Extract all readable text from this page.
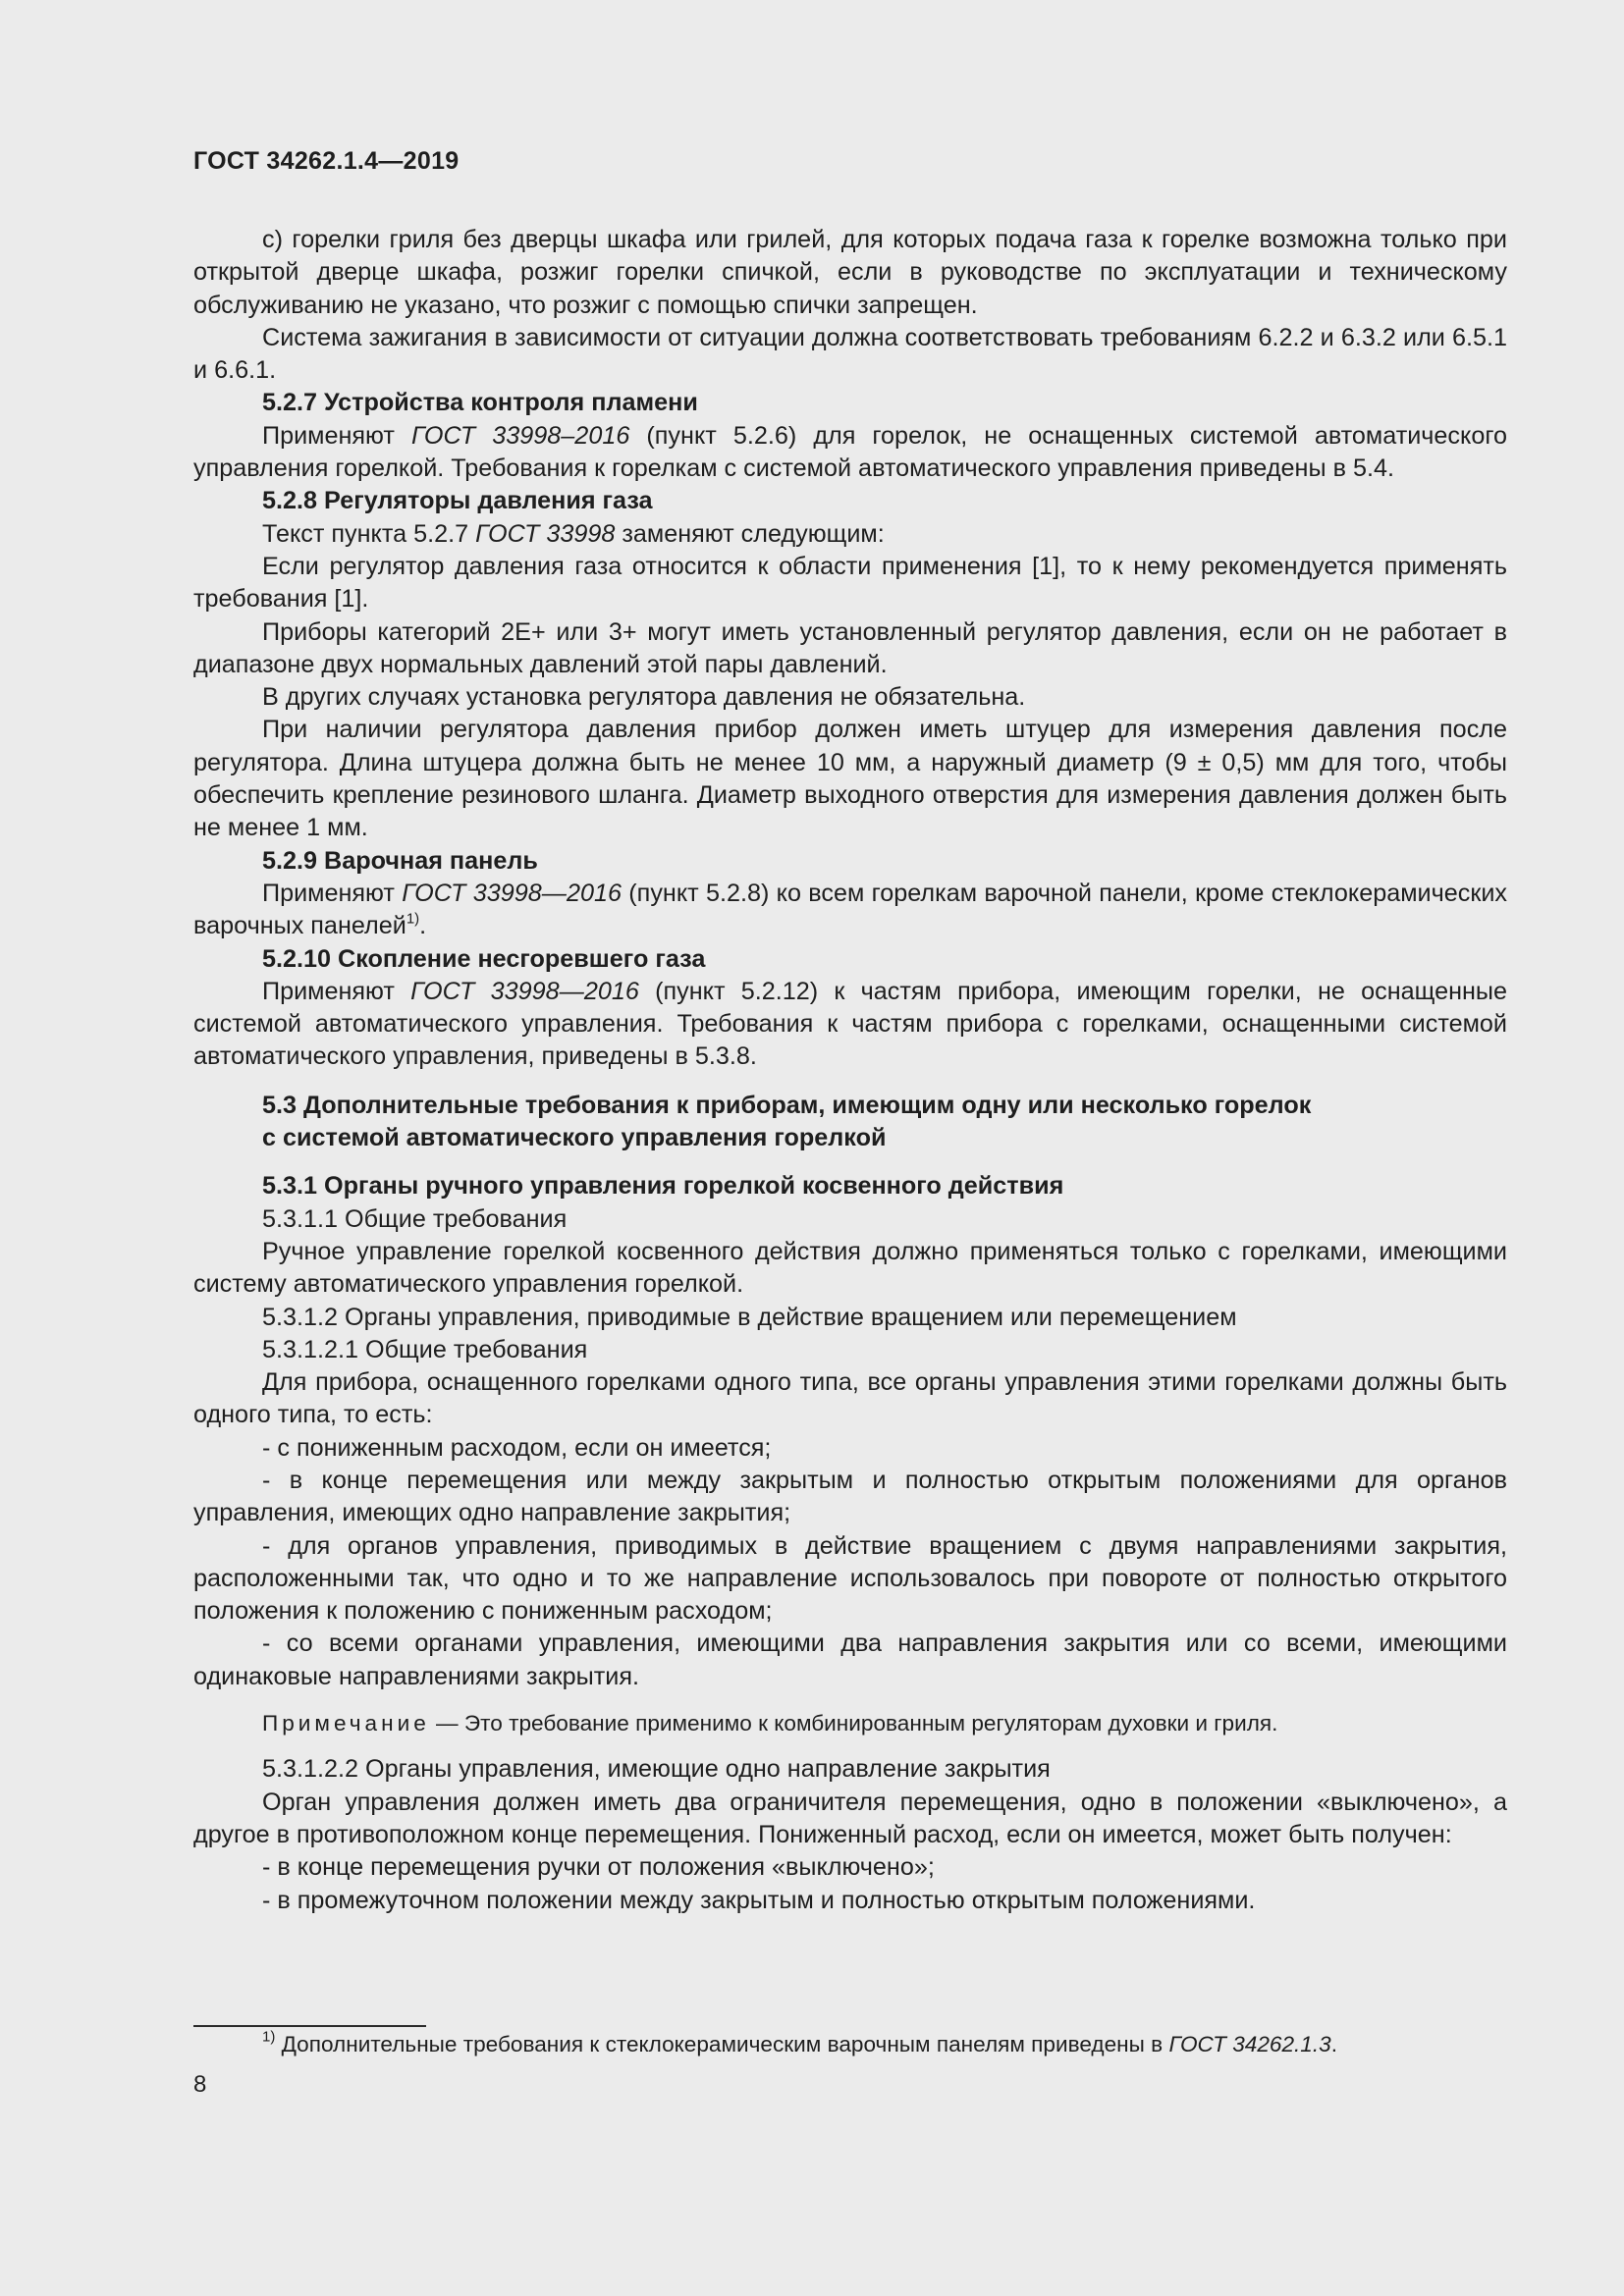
ГОСТ 34262.1.4—2019

с) горелки гриля без дверцы шкафа или грилей, для которых подача газа к горелке возможна только при открытой дверце шкафа, розжиг горелки спичкой, если в руководстве по эксплуатации и техническому обслуживанию не указано, что розжиг с помощью спички запрещен.

Система зажигания в зависимости от ситуации должна соответствовать требованиям 6.2.2 и 6.3.2 или 6.5.1 и 6.6.1.

5.2.7 Устройства контроля пламени

Применяют ГОСТ 33998–2016 (пункт 5.2.6) для горелок, не оснащенных системой автоматического управления горелкой. Требования к горелкам с системой автоматического управления приведены в 5.4.

5.2.8 Регуляторы давления газа

Текст пункта 5.2.7 ГОСТ 33998 заменяют следующим:

Если регулятор давления газа относится к области применения [1], то к нему рекомендуется применять требования [1].

Приборы категорий 2Е+ или 3+ могут иметь установленный регулятор давления, если он не работает в диапазоне двух нормальных давлений этой пары давлений.

В других случаях установка регулятора давления не обязательна.

При наличии регулятора давления прибор должен иметь штуцер для измерения давления после регулятора. Длина штуцера должна быть не менее 10 мм, а наружный диаметр (9 ± 0,5) мм для того, чтобы обеспечить крепление резинового шланга. Диаметр выходного отверстия для измерения давления должен быть не менее 1 мм.

5.2.9 Варочная панель

Применяют ГОСТ 33998—2016 (пункт 5.2.8) ко всем горелкам варочной панели, кроме стеклокерамических варочных панелей$^{1)}$.

5.2.10 Скопление несгоревшего газа

Применяют ГОСТ 33998—2016 (пункт 5.2.12) к частям прибора, имеющим горелки, не оснащенные системой автоматического управления. Требования к частям прибора с горелками, оснащенными системой автоматического управления, приведены в 5.3.8.

5.3 Дополнительные требования к приборам, имеющим одну или несколько горелок
с системой автоматического управления горелкой

5.3.1 Органы ручного управления горелкой косвенного действия

5.3.1.1 Общие требования

Ручное управление горелкой косвенного действия должно применяться только с горелками, имеющими систему автоматического управления горелкой.

5.3.1.2 Органы управления, приводимые в действие вращением или перемещением

5.3.1.2.1 Общие требования

Для прибора, оснащенного горелками одного типа, все органы управления этими горелками должны быть одного типа, то есть:

- с пониженным расходом, если он имеется;

- в конце перемещения или между закрытым и полностью открытым положениями для органов управления, имеющих одно направление закрытия;

- для органов управления, приводимых в действие вращением с двумя направлениями закрытия, расположенными так, что одно и то же направление использовалось при повороте от полностью открытого положения к положению с пониженным расходом;

- со всеми органами управления, имеющими два направления закрытия или со всеми, имеющими одинаковые направлениями закрытия.

Примечание — Это требование применимо к комбинированным регуляторам духовки и гриля.

5.3.1.2.2 Органы управления, имеющие одно направление закрытия

Орган управления должен иметь два ограничителя перемещения, одно в положении «выключено», а другое в противоположном конце перемещения. Пониженный расход, если он имеется, может быть получен:

- в конце перемещения ручки от положения «выключено»;

- в промежуточном положении между закрытым и полностью открытым положениями.

$^{1)}$ Дополнительные требования к стеклокерамическим варочным панелям приведены в ГОСТ 34262.1.3.
8
